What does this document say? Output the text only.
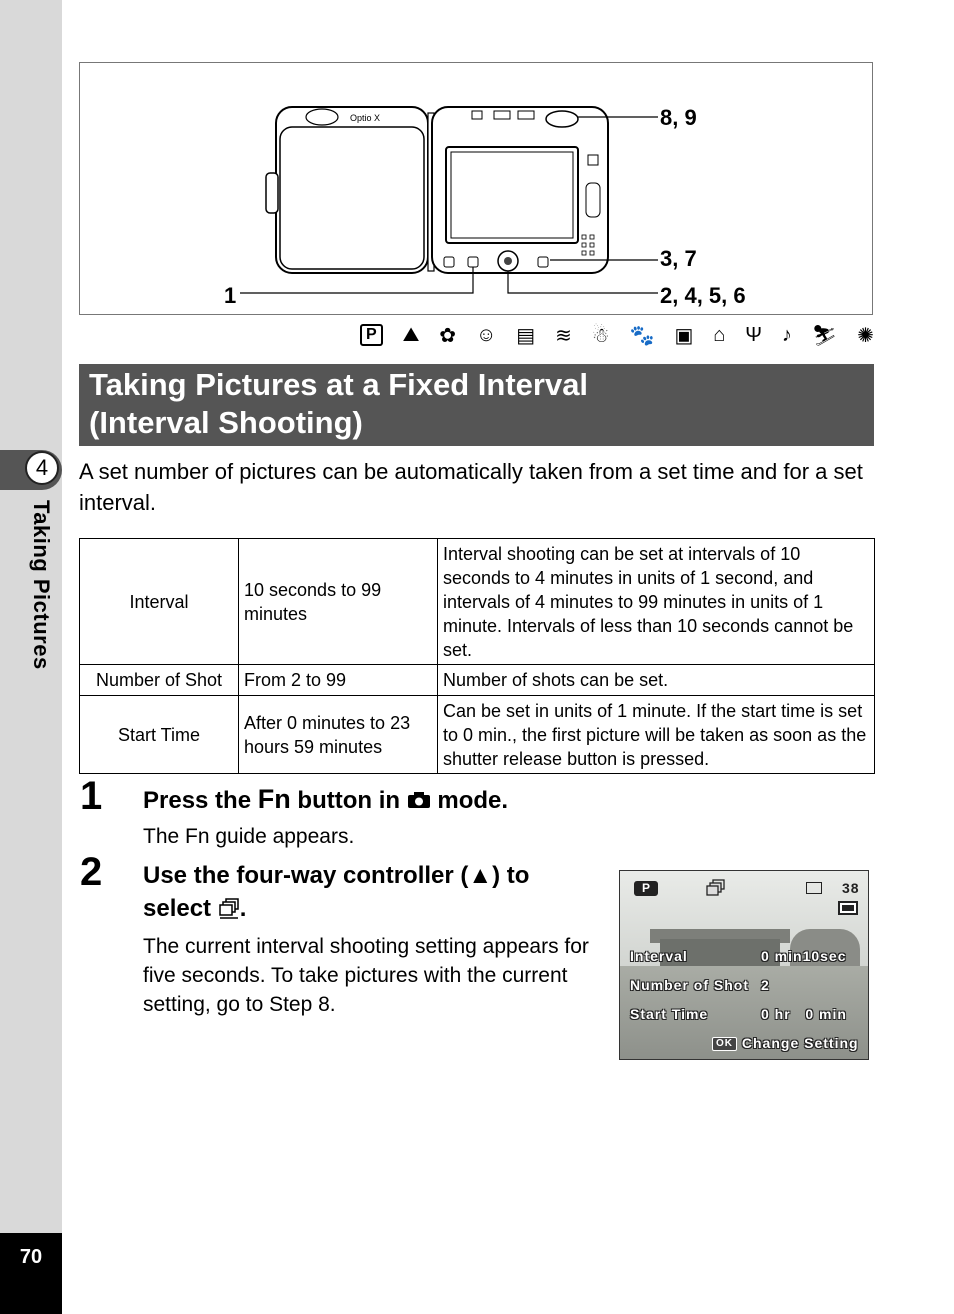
4
Taking Pictures
70
Optio X	8, 9
3, 7
2, 4, 5, 6
1
P	⛰ ✿ ☺ ▤ ≋ ☃ 🐾 ▣ ⌂ Ψ ♪ ⛷ ✺
Taking Pictures at a Fixed Interval
(Interval Shooting)
A set number of pictures can be automatically taken from a set time and for a set interval.
Interval	10 seconds to 99 minutes	Interval shooting can be set at intervals of 10 seconds to 4 minutes in units of 1 second, and intervals of 4 minutes to 99 minutes in units of 1 minute. Intervals of less than 10 seconds cannot be set.
Number of Shot	From 2 to 99	Number of shots can be set.
Start Time	After 0 minutes to 23 hours 59 minutes	Can be set in units of 1 minute. If the start time is set to 0 min., the first picture will be taken as soon as the shutter release button is pressed.
1 Press the Fn button in  mode.
The Fn guide appears.
2 Use the four-way controller (▲) to
select .
The current interval shooting setting appears for five seconds. To take pictures with the current setting, go to Step 8.
P	38
Interval	0 min10sec
Number of Shot 2
Start Time	0 hr   0 min
OK Change Setting
